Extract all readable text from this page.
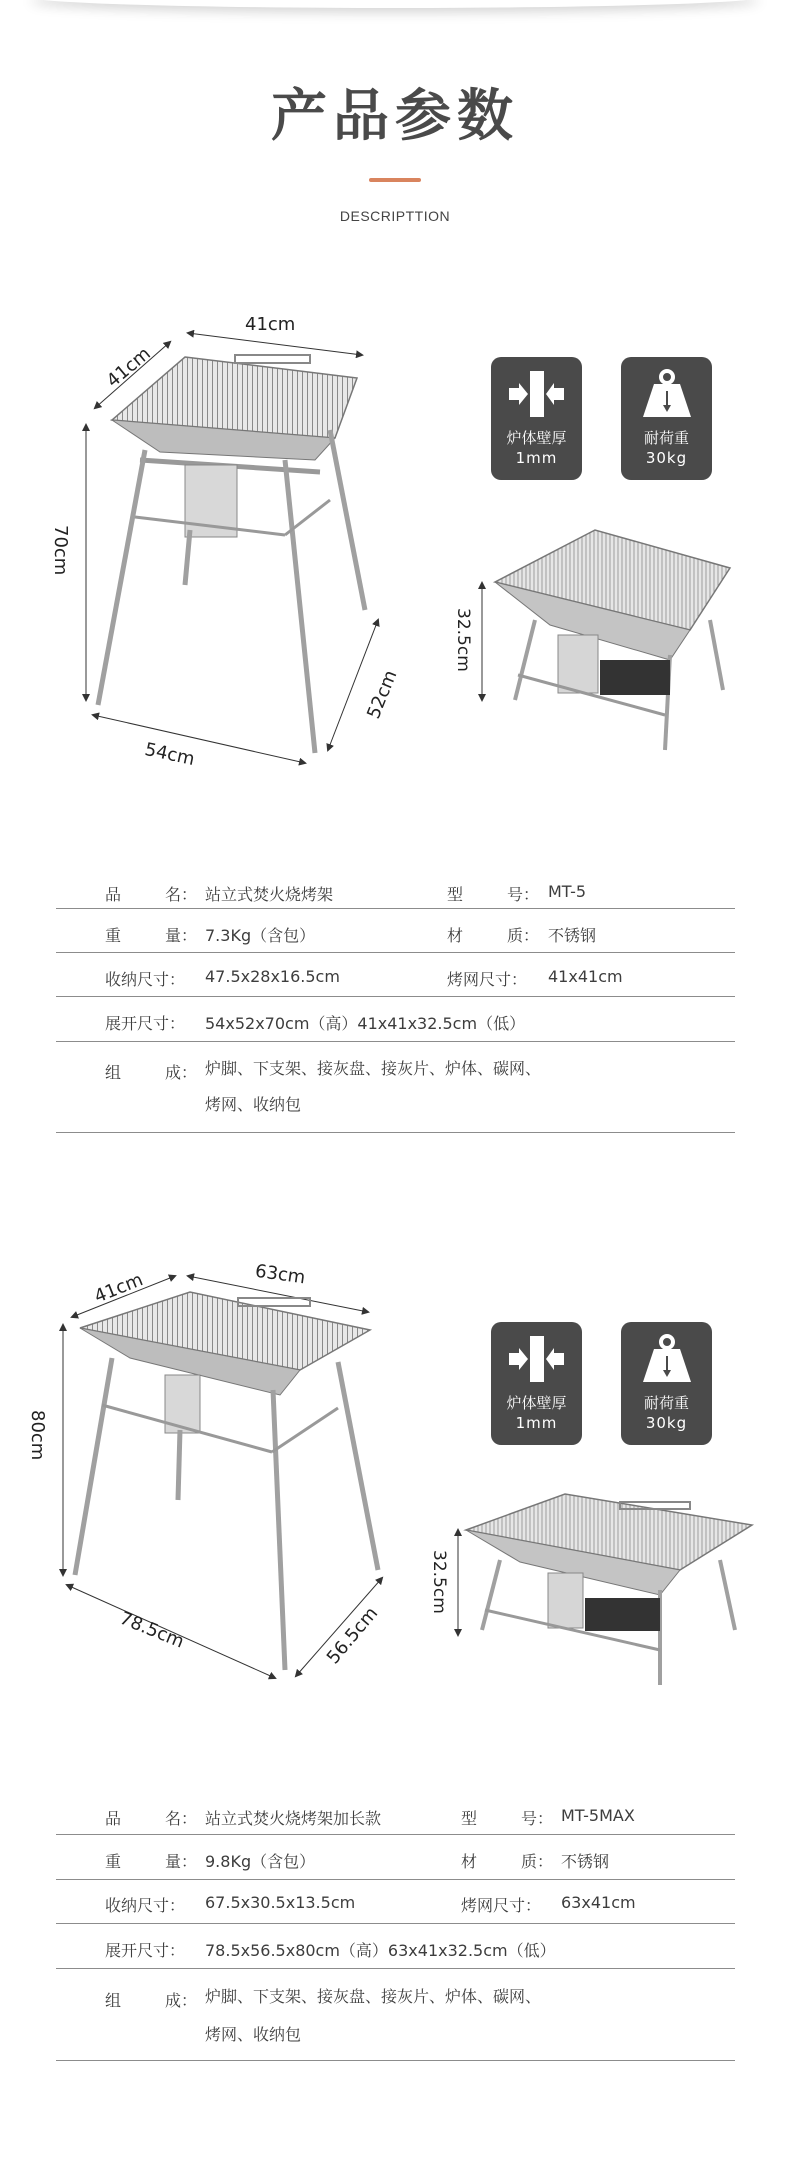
产品参数
DESCRIPTTION
41cm
41cm
70cm
54cm
52cm
炉体壁厚
1mm
耐荷重
30kg
32.5cm
品	名： 站立式焚火烧烤架	型	号： MT-5
重	量： 7.3Kg（含包）	材	质： 不锈钢
收纳尺寸： 47.5x28x16.5cm	烤网尺寸： 41x41cm
展开尺寸： 54x52x70cm（高）41x41x32.5cm（低）
组	成： 炉脚、下支架、接灰盘、接灰片、炉体、碳网、
烤网、收纳包
63cm
41cm
80cm
78.5cm	56.5cm
炉体壁厚
1mm
耐荷重
30kg
32.5cm
品	名： 站立式焚火烧烤架加长款	型	号： MT-5MAX
重	量： 9.8Kg（含包）	材	质： 不锈钢
收纳尺寸： 67.5x30.5x13.5cm	烤网尺寸： 63x41cm
展开尺寸： 78.5x56.5x80cm（高）63x41x32.5cm（低）
组	成： 炉脚、下支架、接灰盘、接灰片、炉体、碳网、
烤网、收纳包
